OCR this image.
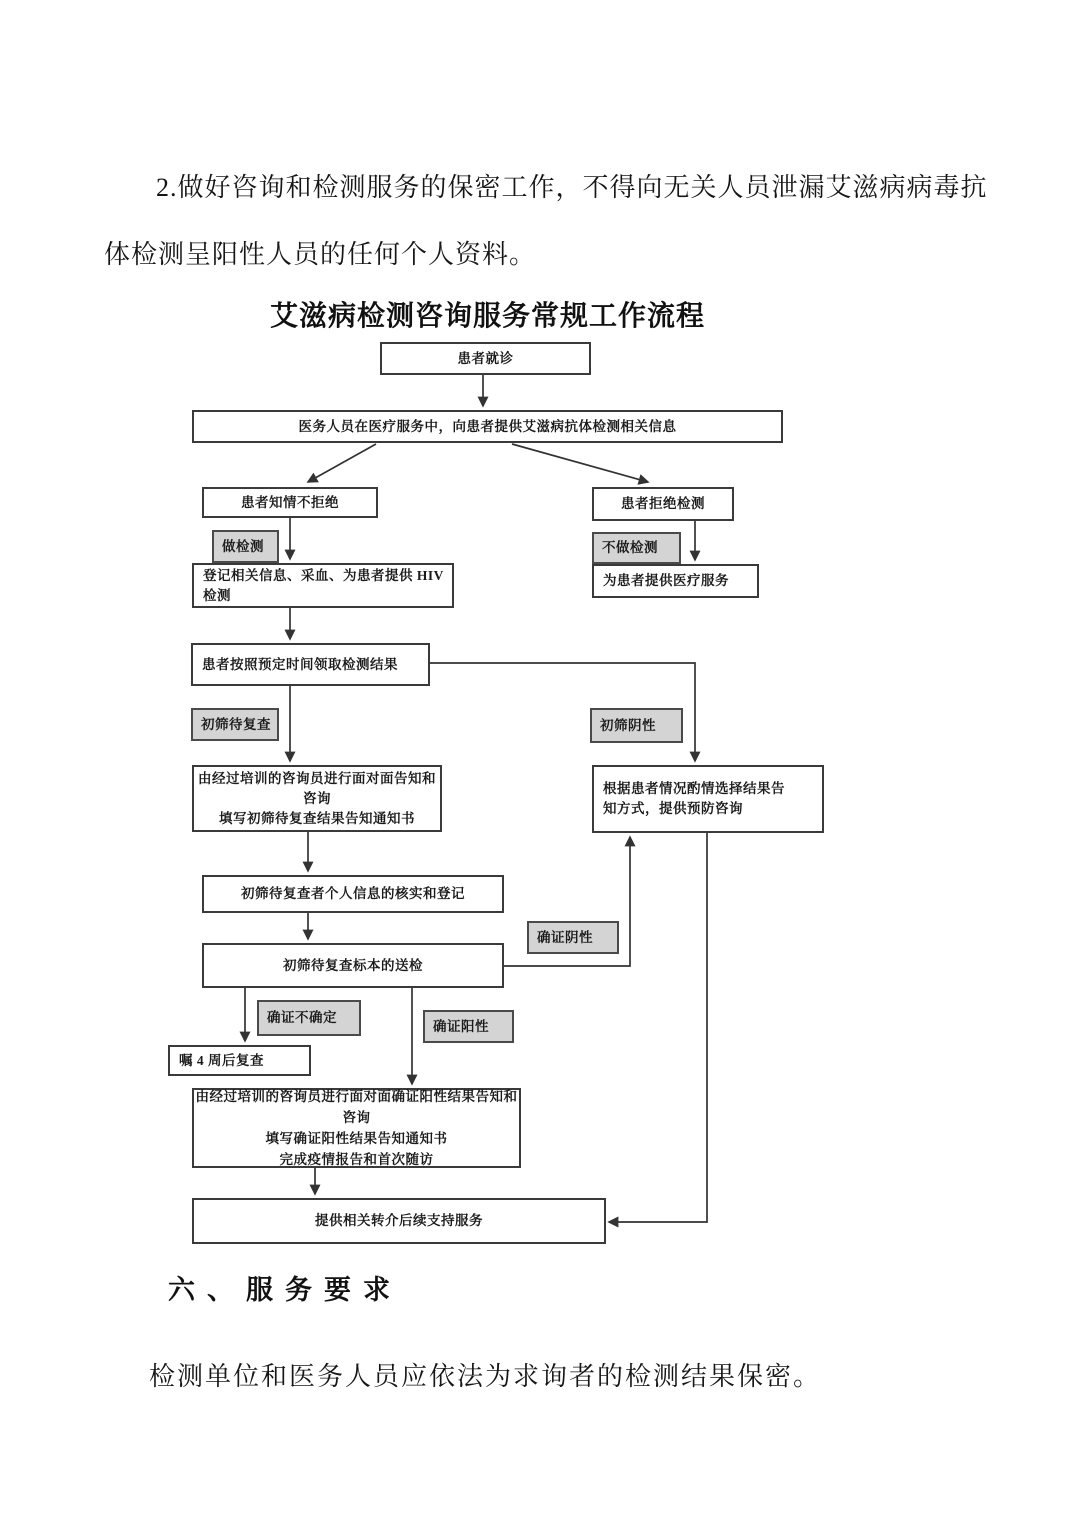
2.做好咨询和检测服务的保密工作，不得向无关人员泄漏艾滋病病毒抗体检测呈阳性人员的任何个人资料。

艾滋病检测咨询服务常规工作流程
患者就诊
医务人员在医疗服务中，向患者提供艾滋病抗体检测相关信息
患者知情不拒绝	患者拒绝检测
做检测	不做检测
登记相关信息、采血、为患者提供 HIV 检测
为患者提供医疗服务
患者按照预定时间领取检测结果
初筛待复查	初筛阴性
由经过培训的咨询员进行面对面告知和咨询
填写初筛待复查结果告知通知书
根据患者情况酌情选择结果告
知方式，提供预防咨询
初筛待复查者个人信息的核实和登记
确证阴性
初筛待复查标本的送检
确证不确定
确证阳性
嘱 4 周后复查
由经过培训的咨询员进行面对面确证阳性结果告知和咨询
填写确证阳性结果告知通知书
完成疫情报告和首次随访
提供相关转介后续支持服务
六、服务要求

检测单位和医务人员应依法为求询者的检测结果保密。
